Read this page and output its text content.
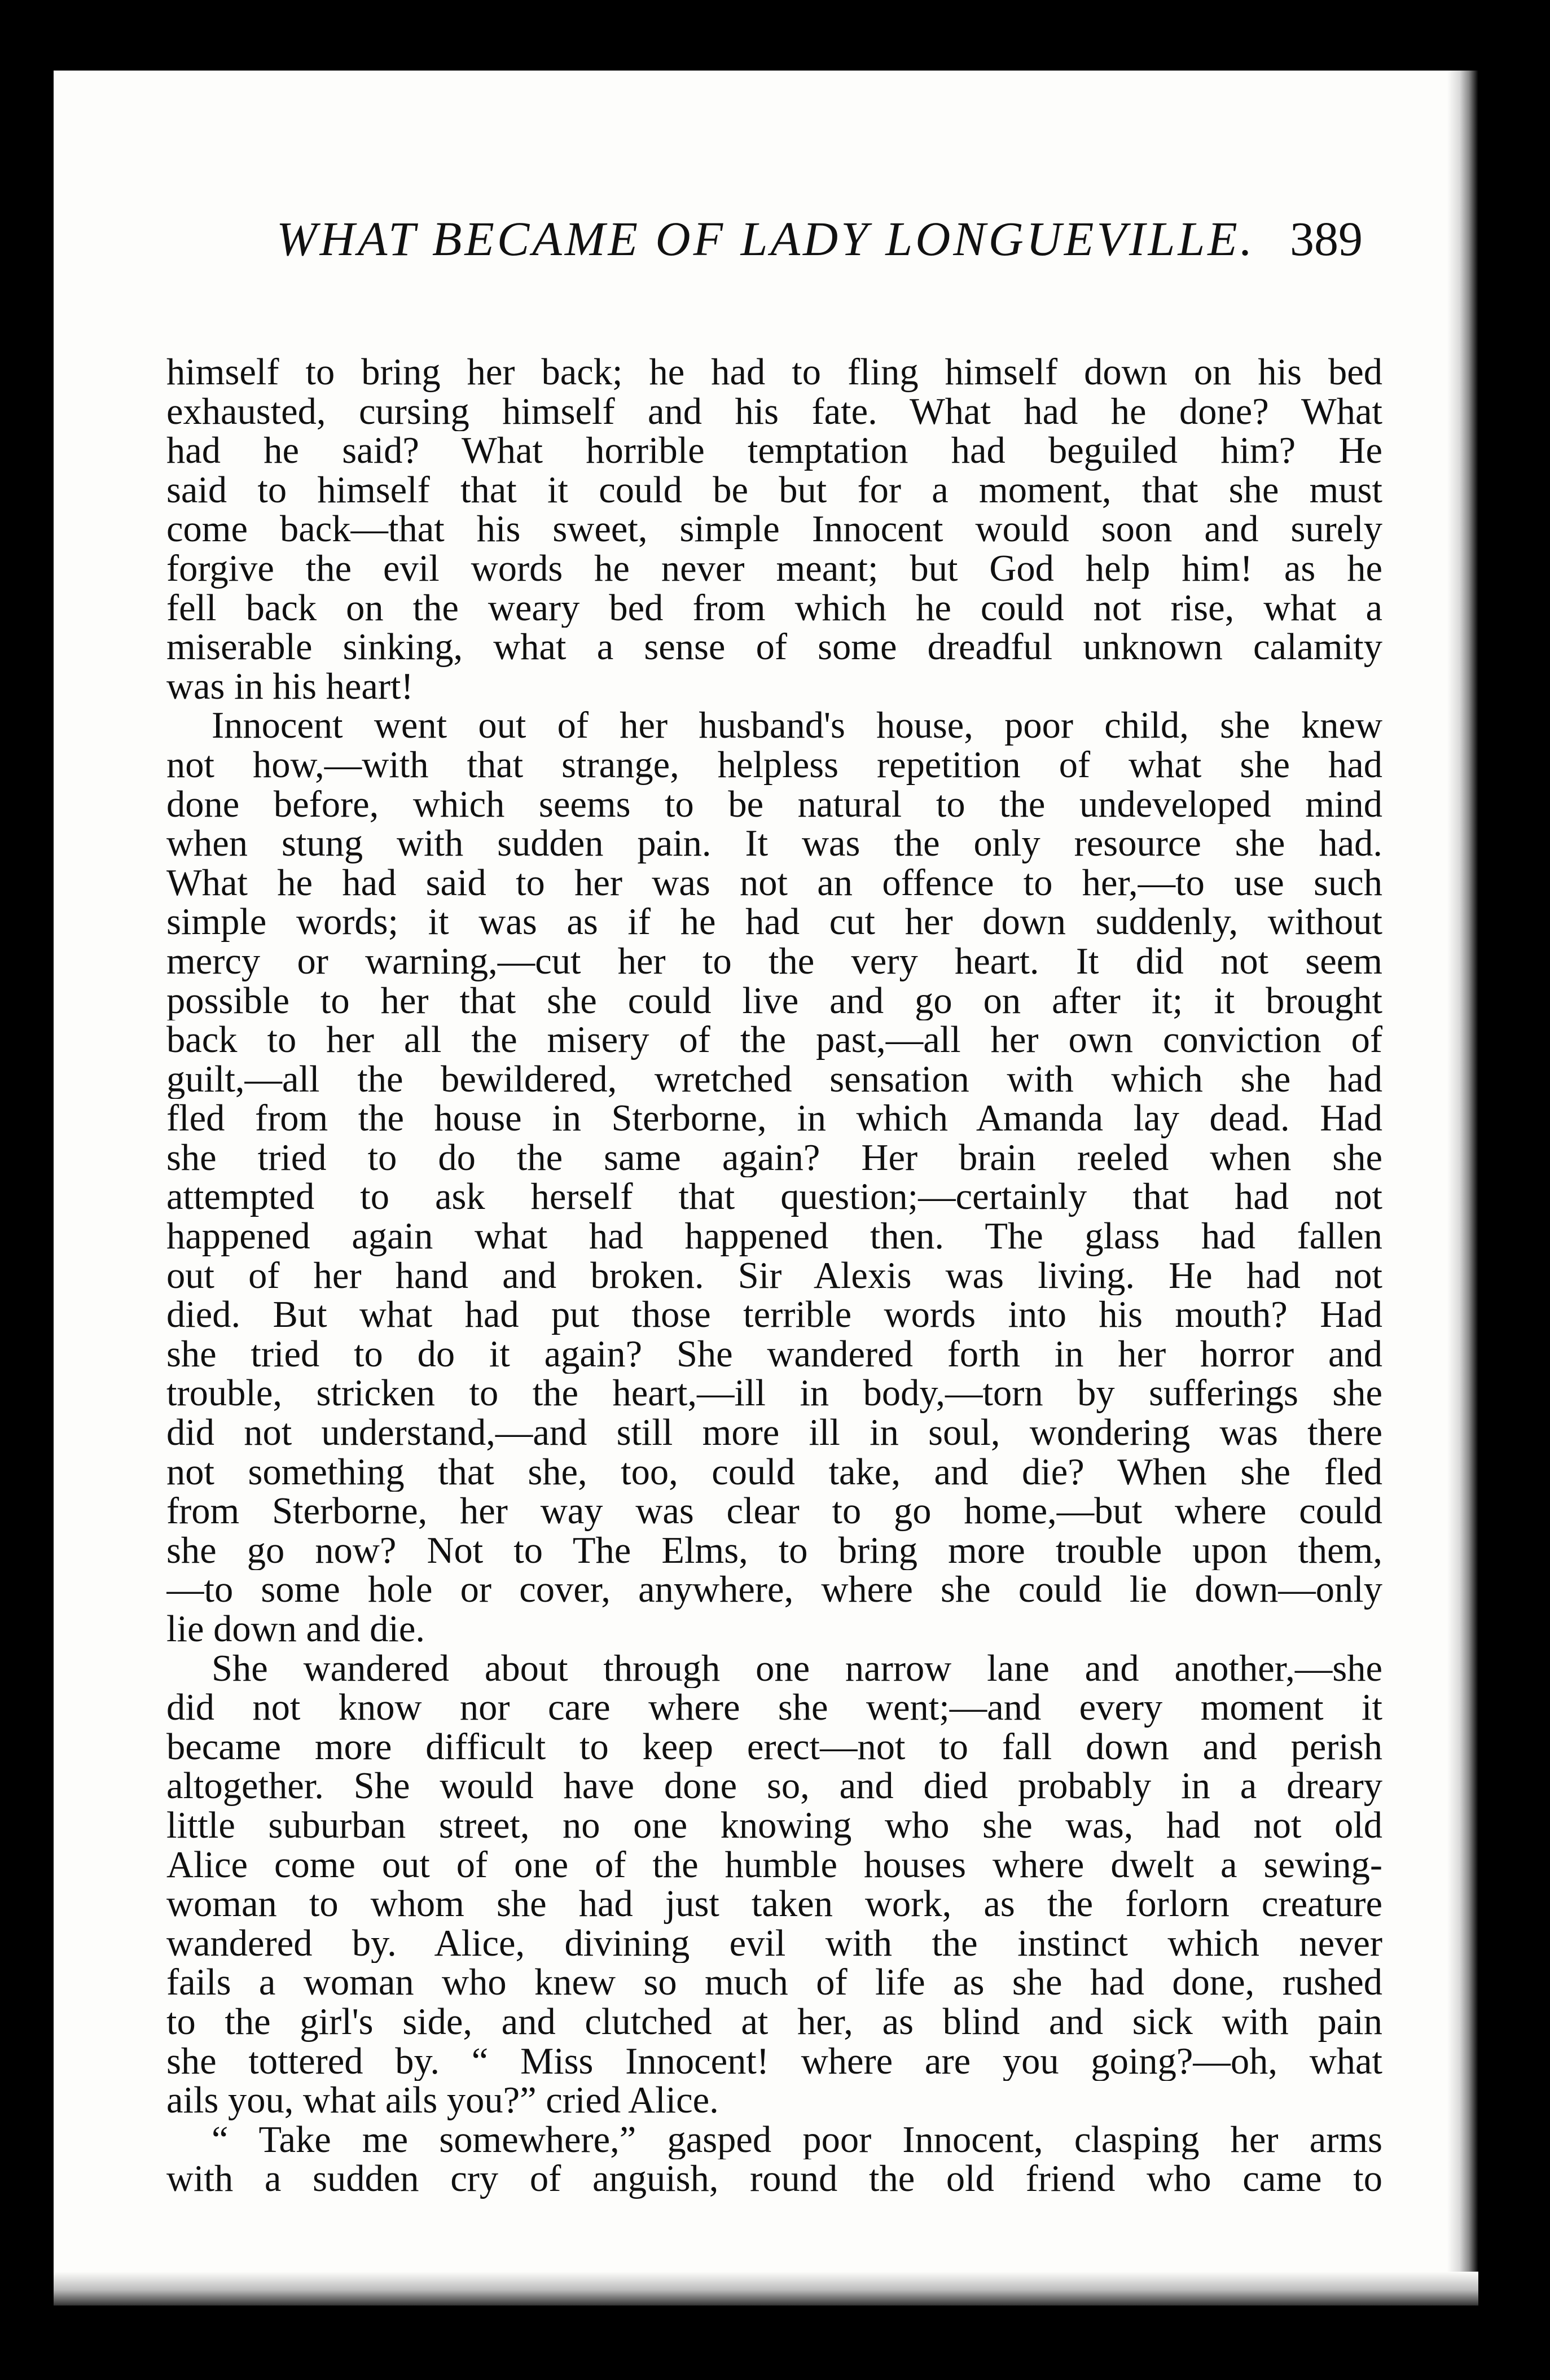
WHAT BECAME OF LADY LONGUEVILLE. 389
himself to bring her back; he had to fling himself down on his bed
exhausted, cursing himself and his fate. What had he done? What
had he said? What horrible temptation had beguiled him? He
said to himself that it could be but for a moment, that she must
come back—that his sweet, simple Innocent would soon and surely
forgive the evil words he never meant; but God help him! as he
fell back on the weary bed from which he could not rise, what a
miserable sinking, what a sense of some dreadful unknown calamity
was in his heart!
Innocent went out of her husband's house, poor child, she knew
not how,—with that strange, helpless repetition of what she had
done before, which seems to be natural to the undeveloped mind
when stung with sudden pain. It was the only resource she had.
What he had said to her was not an offence to her,—to use such
simple words; it was as if he had cut her down suddenly, without
mercy or warning,—cut her to the very heart. It did not seem
possible to her that she could live and go on after it; it brought
back to her all the misery of the past,—all her own conviction of
guilt,—all the bewildered, wretched sensation with which she had
fled from the house in Sterborne, in which Amanda lay dead. Had
she tried to do the same again? Her brain reeled when she
attempted to ask herself that question;—certainly that had not
happened again what had happened then. The glass had fallen
out of her hand and broken. Sir Alexis was living. He had not
died. But what had put those terrible words into his mouth? Had
she tried to do it again? She wandered forth in her horror and
trouble, stricken to the heart,—ill in body,—torn by sufferings she
did not understand,—and still more ill in soul, wondering was there
not something that she, too, could take, and die? When she fled
from Sterborne, her way was clear to go home,—but where could
she go now? Not to The Elms, to bring more trouble upon them,
—to some hole or cover, anywhere, where she could lie down—only
lie down and die.
She wandered about through one narrow lane and another,—she
did not know nor care where she went;—and every moment it
became more difficult to keep erect—not to fall down and perish
altogether. She would have done so, and died probably in a dreary
little suburban street, no one knowing who she was, had not old
Alice come out of one of the humble houses where dwelt a sewing-
woman to whom she had just taken work, as the forlorn creature
wandered by. Alice, divining evil with the instinct which never
fails a woman who knew so much of life as she had done, rushed
to the girl's side, and clutched at her, as blind and sick with pain
she tottered by. “ Miss Innocent! where are you going?—oh, what
ails you, what ails you?” cried Alice.
“ Take me somewhere,” gasped poor Innocent, clasping her arms
with a sudden cry of anguish, round the old friend who came to
